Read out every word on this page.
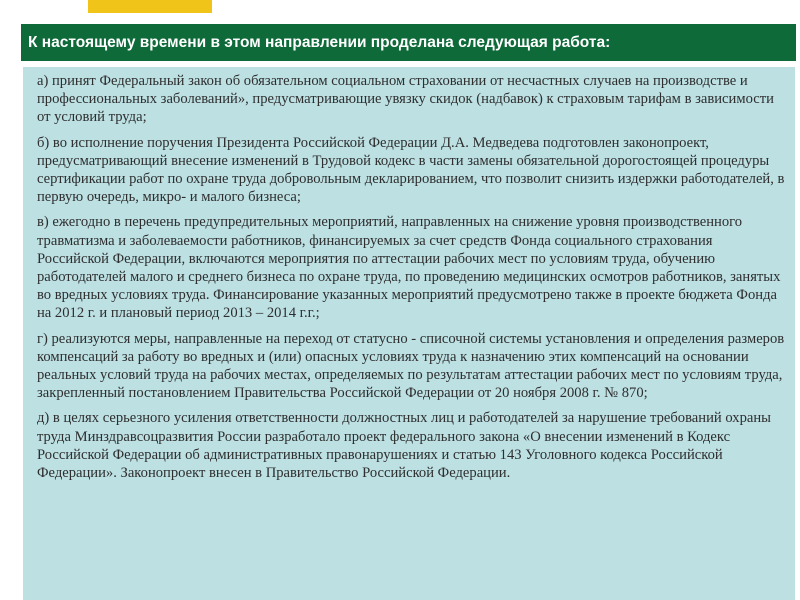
К настоящему времени в этом направлении проделана следующая работа:

а) принят Федеральный закон об обязательном социальном страховании от несчастных случаев на производстве и профессиональных заболеваний», предусматривающие увязку скидок (надбавок) к страховым тарифам в зависимости от условий труда;

б) во исполнение поручения Президента Российской Федерации Д.А. Медведева подготовлен законопроект, предусматривающий внесение изменений в Трудовой кодекс в части замены обязательной дорогостоящей процедуры сертификации работ по охране труда добровольным декларированием, что позволит снизить издержки работодателей, в первую очередь, микро- и малого бизнеса;

в) ежегодно в перечень предупредительных мероприятий, направленных на снижение уровня производственного травматизма и заболеваемости работников, финансируемых за счет средств Фонда социального страхования Российской Федерации, включаются мероприятия по аттестации рабочих мест по условиям труда, обучению работодателей малого и среднего бизнеса по охране труда, по проведению медицинских осмотров работников, занятых во вредных условиях труда. Финансирование указанных мероприятий предусмотрено также в проекте бюджета Фонда на 2012 г. и плановый период 2013 – 2014 г.г.;

г) реализуются меры, направленные на переход от статусно - списочной системы установления и определения размеров компенсаций за работу во вредных и (или) опасных условиях труда к назначению этих компенсаций на основании реальных условий труда на рабочих местах, определяемых по результатам аттестации рабочих мест по условиям труда, закрепленный постановлением Правительства Российской Федерации от 20 ноября 2008 г. № 870;

д) в целях серьезного усиления ответственности должностных лиц и работодателей за нарушение требований охраны труда Минздравсоцразвития России разработало проект федерального закона «О внесении изменений в Кодекс Российской Федерации об административных правонарушениях и статью 143 Уголовного кодекса Российской Федерации». Законопроект внесен в Правительство Российской Федерации.
